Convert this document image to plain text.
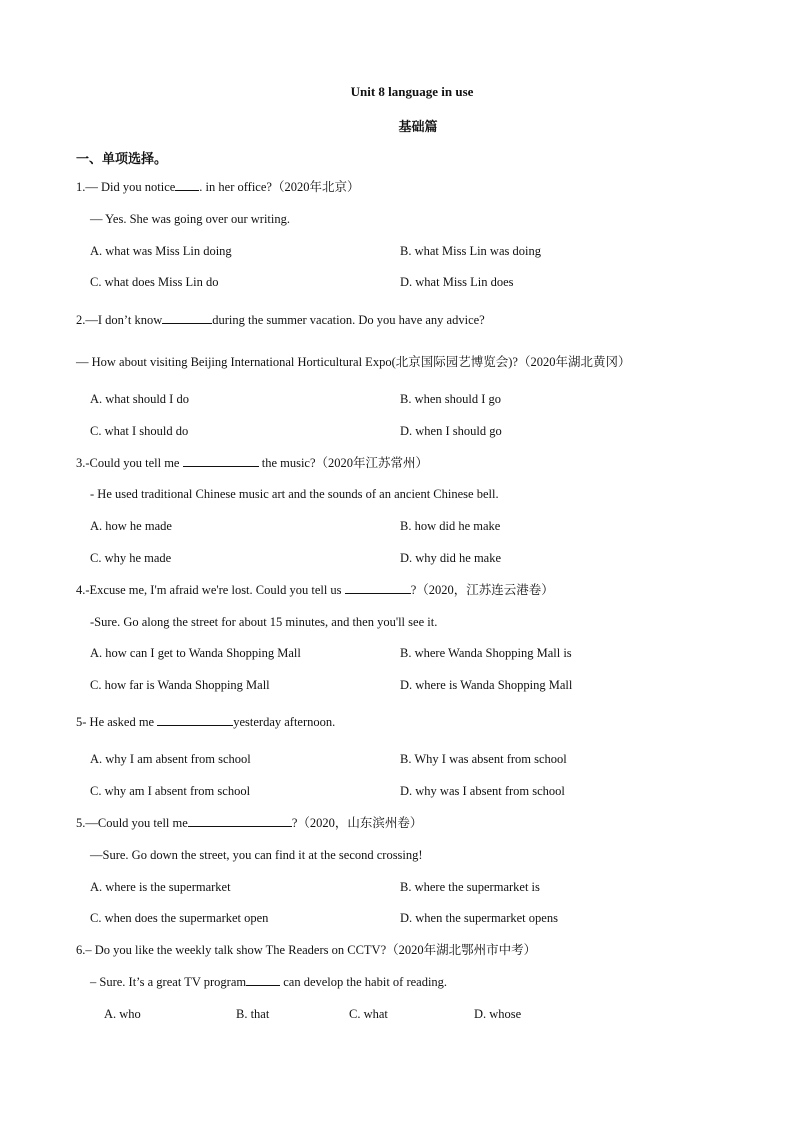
Unit 8 language in use
基础篇
一、单项选择。
1.— Did you notice . in her office?（2020年北京）
— Yes. She was going over our writing.
A. what was Miss Lin doing	B. what Miss Lin was doing
C. what does Miss Lin do	D. what Miss Lin does
2.—I don’t know	during the summer vacation. Do you have any advice?
— How about visiting Beijing International Horticultural Expo(北京国际园艺博览会)?（2020年湖北黄冈）
A. what should I do	B. when should I go
C. what I should do	D. when I should go
3.-Could you tell me	the music?（2020年江苏常州）
- He used traditional Chinese music art and the sounds of an ancient Chinese bell.
A. how he made	B. how did he make
C. why he made	D. why did he make
4.-Excuse me, I'm afraid we're lost. Could you tell us	?（2020，江苏连云港卷）
-Sure. Go along the street for about 15 minutes, and then you'll see it.
A. how can I get to Wanda Shopping Mall	B. where Wanda Shopping Mall is
C. how far is Wanda Shopping Mall	D. where is Wanda Shopping Mall
5- He asked me	yesterday afternoon.
A. why I am absent from school	B. Why I was absent from school
C. why am I absent from school	D. why was I absent from school
5.—Could you tell me	?（2020，山东滨州卷）
—Sure. Go down the street, you can find it at the second crossing!
A. where is the supermarket	B. where the supermarket is
C. when does the supermarket open	D. when the supermarket opens
6.– Do you like the weekly talk show The Readers on CCTV?（2020年湖北鄂州市中考）
– Sure. It’s a great TV program	can develop the habit of reading.
A. who	B. that	C. what	D. whose
